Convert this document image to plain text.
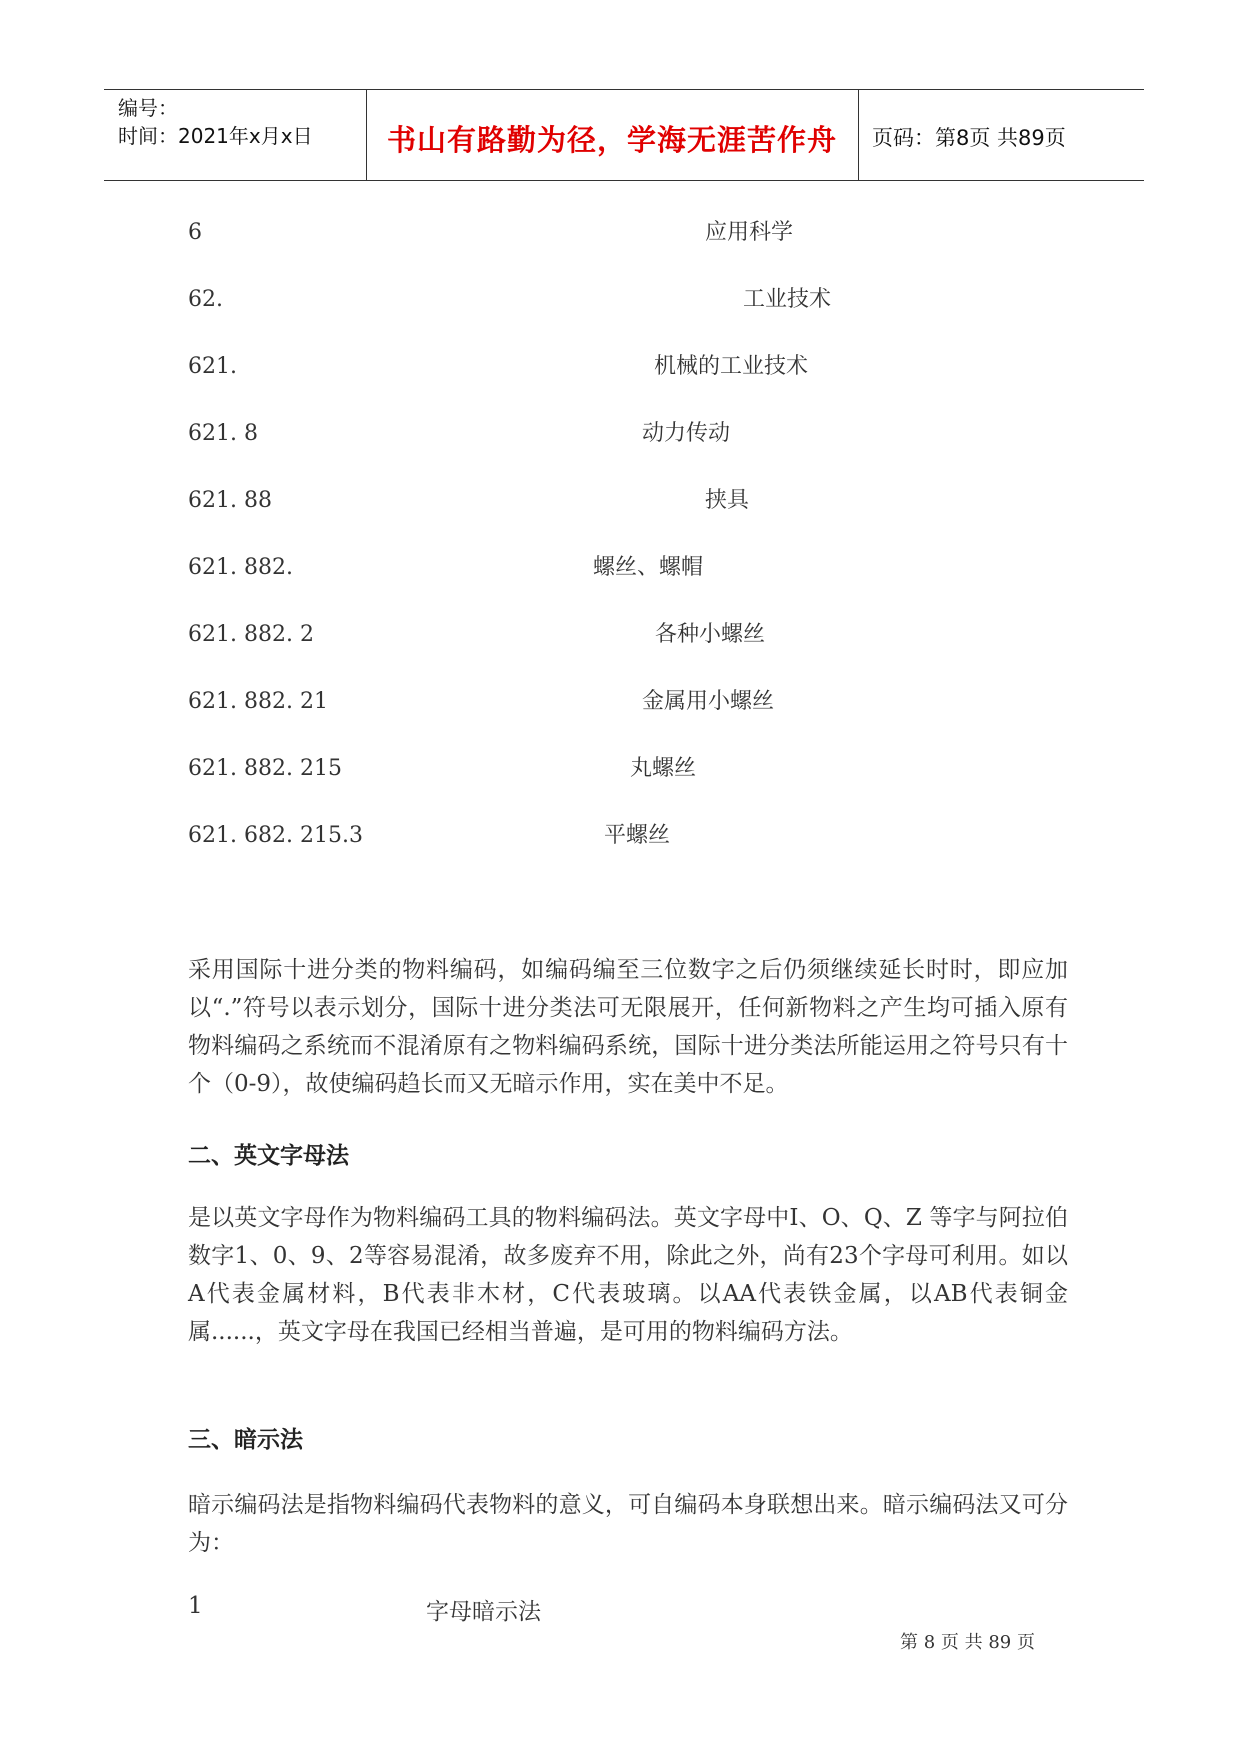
编号：
时间：2021年x月x日	书山有路勤为径，学海无涯苦作舟	页码：第8页 共89页
6	应用科学
62.	工业技术
621.	机械的工业技术
621. 8	动力传动
621. 88	挟具
621. 882.	螺丝、螺帽
621. 882. 2	各种小螺丝
621. 882. 21	金属用小螺丝
621. 882. 215	丸螺丝
621. 682. 215.3	平螺丝
采用国际十进分类的物料编码，如编码编至三位数字之后仍须继续延长时时，即应加以“.”符号以表示划分，国际十进分类法可无限展开，任何新物料之产生均可插入原有物料编码之系统而不混淆原有之物料编码系统，国际十进分类法所能运用之符号只有十个（0-9），故使编码趋长而又无暗示作用，实在美中不足。
二、英文字母法
是以英文字母作为物料编码工具的物料编码法。英文字母中I、O、Q、Z 等字与阿拉伯数字1、0、9、2等容易混淆，故多废弃不用，除此之外，尚有23个字母可利用。如以A代表金属材料，B代表非木材，C代表玻璃。以AA代表铁金属，以AB代表铜金属......，英文字母在我国已经相当普遍，是可用的物料编码方法。
三、暗示法
暗示编码法是指物料编码代表物料的意义，可自编码本身联想出来。暗示编码法又可分为：
1	字母暗示法
第 8 页 共 89 页
